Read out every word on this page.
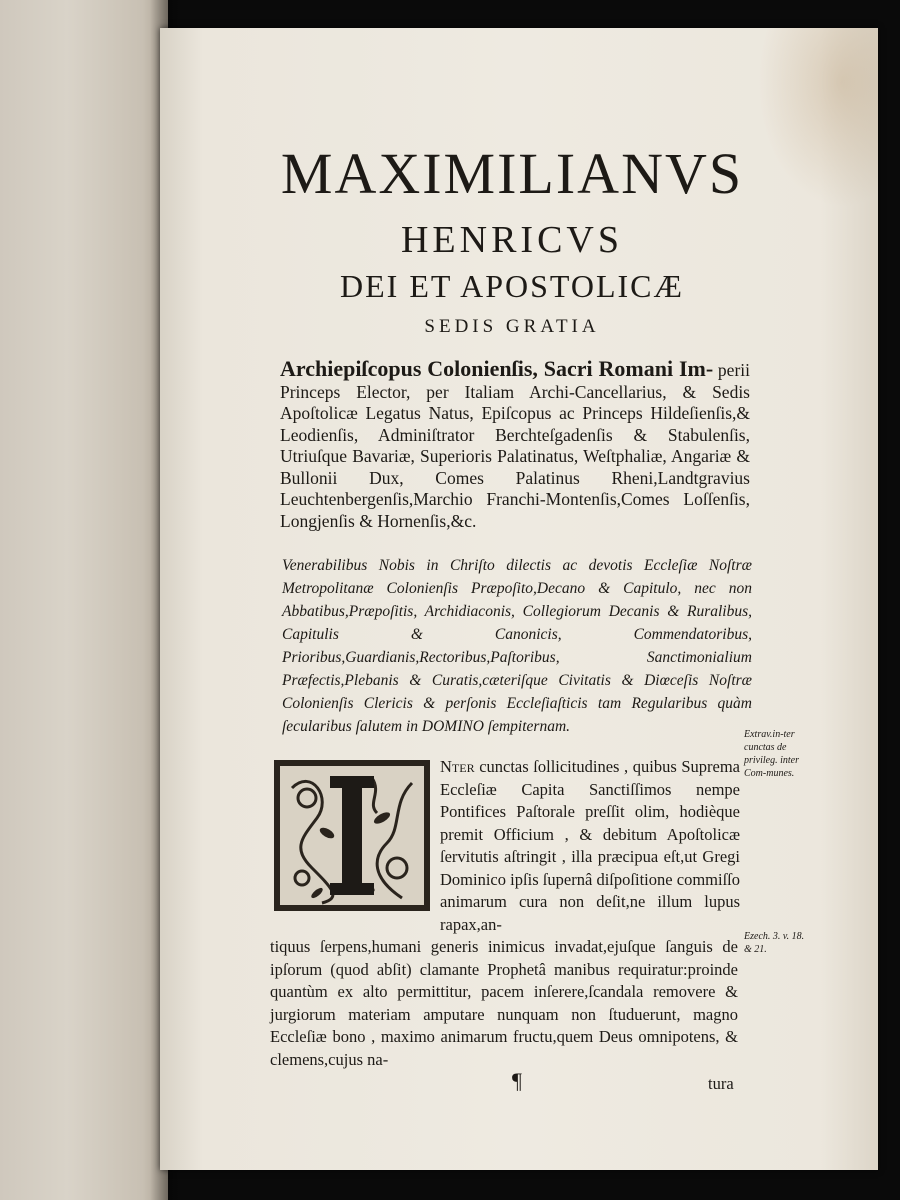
MAXIMILIANVS
HENRICVS
DEI ET APOSTOLICÆ
SEDIS GRATIA
Archiepiſcopus Colonienſis, Sacri Romani Im- perii Princeps Elector, per Italiam Archi-Cancellarius, & Sedis Apoſtolicæ Legatus Natus, Epiſcopus ac Princeps Hildeſienſis,& Leodienſis, Adminiſtrator Berchteſgadenſis & Stabulenſis, Utriuſque Bavariæ, Superioris Palatinatus, Weſtphaliæ, Angariæ & Bullonii Dux, Comes Palatinus Rheni,Landtgravius Leuchtenbergenſis,Marchio Franchi-Montenſis,Comes Loſſenſis, Longjenſis & Hornenſis,&c.
Venerabilibus Nobis in Chriſto dilectis ac devotis Eccleſiæ Noſtræ Metropolitanæ Colonienſis Præpoſito,Decano & Capitulo, nec non Abbatibus,Præpoſitis, Archidiaconis, Collegiorum Decanis & Ruralibus, Capitulis & Canonicis, Commendatoribus, Prioribus,Guardianis,Rectoribus,Paſtoribus, Sanctimonialium Præfectis,Plebanis & Curatis,cæteriſque Civitatis & Diœceſis Noſtræ Colonienſis Clericis & perſonis Eccleſiaſticis tam Regularibus quàm ſecularibus ſalutem in DOMINO ſempiternam.
Nter cunctas ſollicitudines , quibus Suprema Eccleſiæ Capita Sanctiſſimos nempe Pontifices Paſtorale preſſit olim, hodièque premit Officium , & debitum Apoſtolicæ ſervitutis aſtringit , illa præcipua eſt,ut Gregi Dominico ipſis ſupernâ diſpoſitione commiſſo animarum cura non deſit,ne illum lupus rapax,an-
tiquus ſerpens,humani generis inimicus invadat,ejuſque ſanguis de ipſorum (quod abſit) clamante Prophetâ manibus requiratur:proinde quantùm ex alto permittitur, pacem inſerere,ſcandala removere & jurgiorum materiam amputare nunquam non ſtuduerunt, magno Eccleſiæ bono , maximo animarum fructu,quem Deus omnipotens, & clemens,cujus na-
¶	tura
Extrav.in-ter cunctas de privileg. inter Com-munes.
Ezech. 3. v. 18. & 21.
